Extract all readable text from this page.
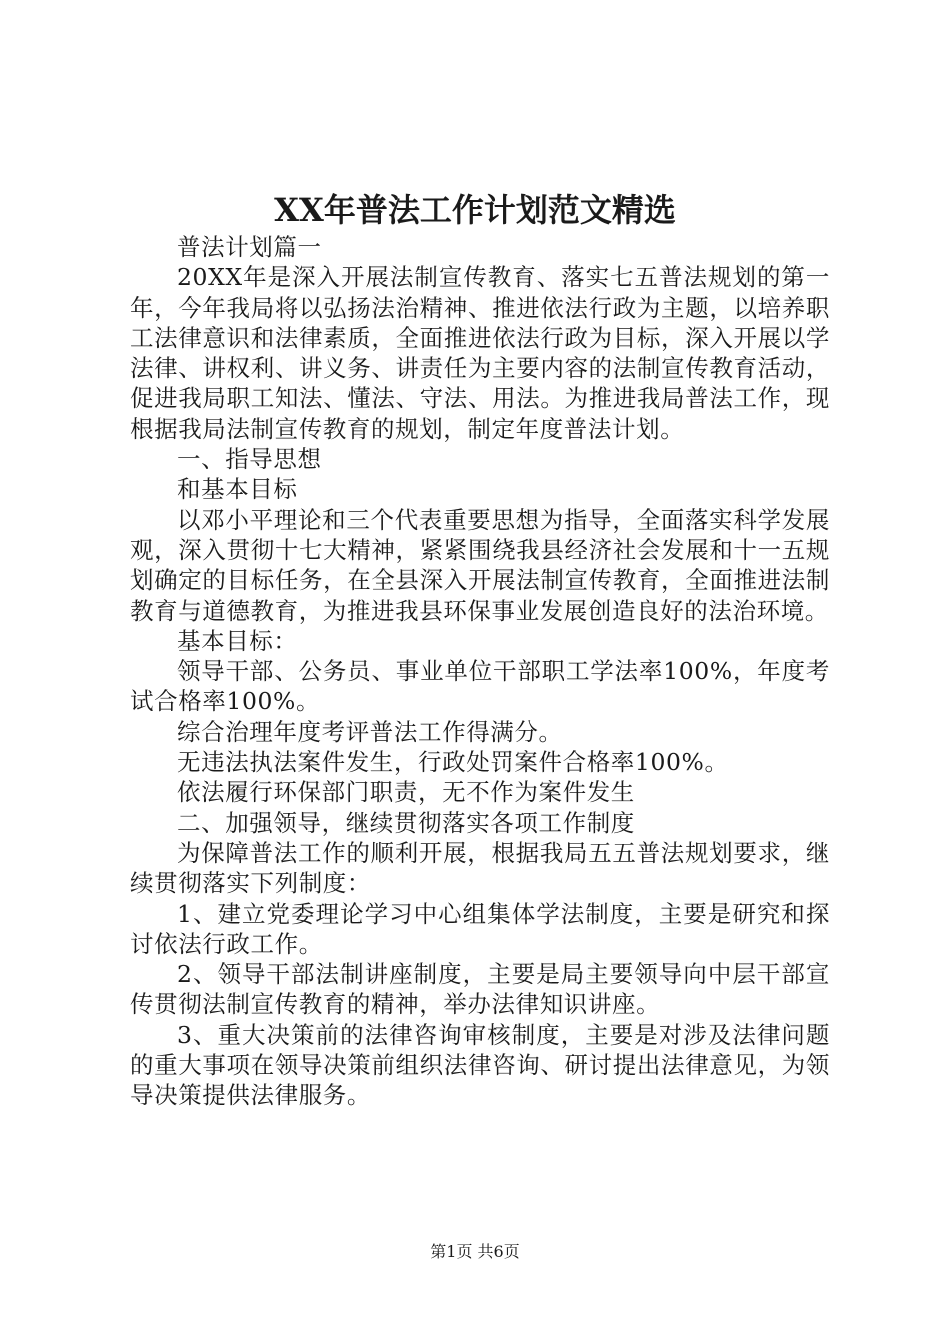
XX年普法工作计划范文精选

普法计划篇一

20XX年是深入开展法制宣传教育、落实七五普法规划的第一年，今年我局将以弘扬法治精神、推进依法行政为主题，以培养职工法律意识和法律素质，全面推进依法行政为目标，深入开展以学法律、讲权利、讲义务、讲责任为主要内容的法制宣传教育活动，促进我局职工知法、懂法、守法、用法。为推进我局普法工作，现根据我局法制宣传教育的规划，制定年度普法计划。

一、指导思想

和基本目标

以邓小平理论和三个代表重要思想为指导，全面落实科学发展观，深入贯彻十七大精神，紧紧围绕我县经济社会发展和十一五规划确定的目标任务，在全县深入开展法制宣传教育，全面推进法制教育与道德教育，为推进我县环保事业发展创造良好的法治环境。

基本目标：

领导干部、公务员、事业单位干部职工学法率100%，年度考试合格率100%。

综合治理年度考评普法工作得满分。

无违法执法案件发生，行政处罚案件合格率100%。

依法履行环保部门职责，无不作为案件发生

二、加强领导，继续贯彻落实各项工作制度

为保障普法工作的顺利开展，根据我局五五普法规划要求，继续贯彻落实下列制度：

1、建立党委理论学习中心组集体学法制度，主要是研究和探讨依法行政工作。

2、领导干部法制讲座制度，主要是局主要领导向中层干部宣传贯彻法制宣传教育的精神，举办法律知识讲座。

3、重大决策前的法律咨询审核制度，主要是对涉及法律问题的重大事项在领导决策前组织法律咨询、研讨提出法律意见，为领导决策提供法律服务。

第1页 共6页
